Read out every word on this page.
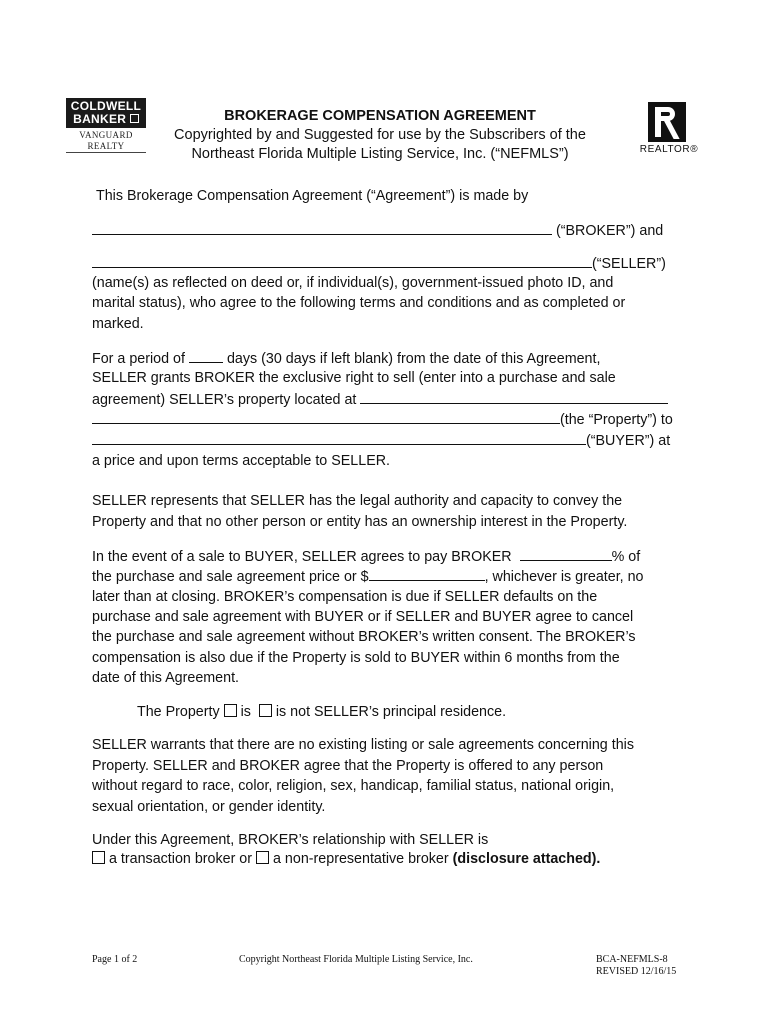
COLDWELL
BANKER
VANGUARD
REALTY
BROKERAGE COMPENSATION AGREEMENT
Copyrighted by and Suggested for use by the Subscribers of the
Northeast Florida Multiple Listing Service, Inc. (“NEFMLS”)	REALTOR®
This Brokerage Compensation Agreement (“Agreement”) is made by
(“BROKER”) and
(“SELLER”)
(name(s) as reflected on deed or, if individual(s), government-issued photo ID, and
marital status), who agree to the following terms and conditions and as completed or
marked.
For a period of	days (30 days if left blank) from the date of this Agreement,
SELLER grants BROKER the exclusive right to sell (enter into a purchase and sale
agreement) SELLER’s property located at
(the “Property”) to
(“BUYER”) at
a price and upon terms acceptable to SELLER.
SELLER represents that SELLER has the legal authority and capacity to convey the
Property and that no other person or entity has an ownership interest in the Property.
In the event of a sale to BUYER, SELLER agrees to pay BROKER	% of
the purchase and sale agreement price or $	, whichever is greater, no
later than at closing. BROKER’s compensation is due if SELLER defaults on the
purchase and sale agreement with BUYER or if SELLER and BUYER agree to cancel
the purchase and sale agreement without BROKER’s written consent. The BROKER’s
compensation is also due if the Property is sold to BUYER within 6 months from the
date of this Agreement.
The Property is is not SELLER’s principal residence.
SELLER warrants that there are no existing listing or sale agreements concerning this
Property. SELLER and BROKER agree that the Property is offered to any person
without regard to race, color, religion, sex, handicap, familial status, national origin,
sexual orientation, or gender identity.
Under this Agreement, BROKER’s relationship with SELLER is
a transaction broker or a non-representative broker (disclosure attached).
Page 1 of 2	Copyright Northeast Florida Multiple Listing Service, Inc.	BCA-NEFMLS-8
REVISED 12/16/15
